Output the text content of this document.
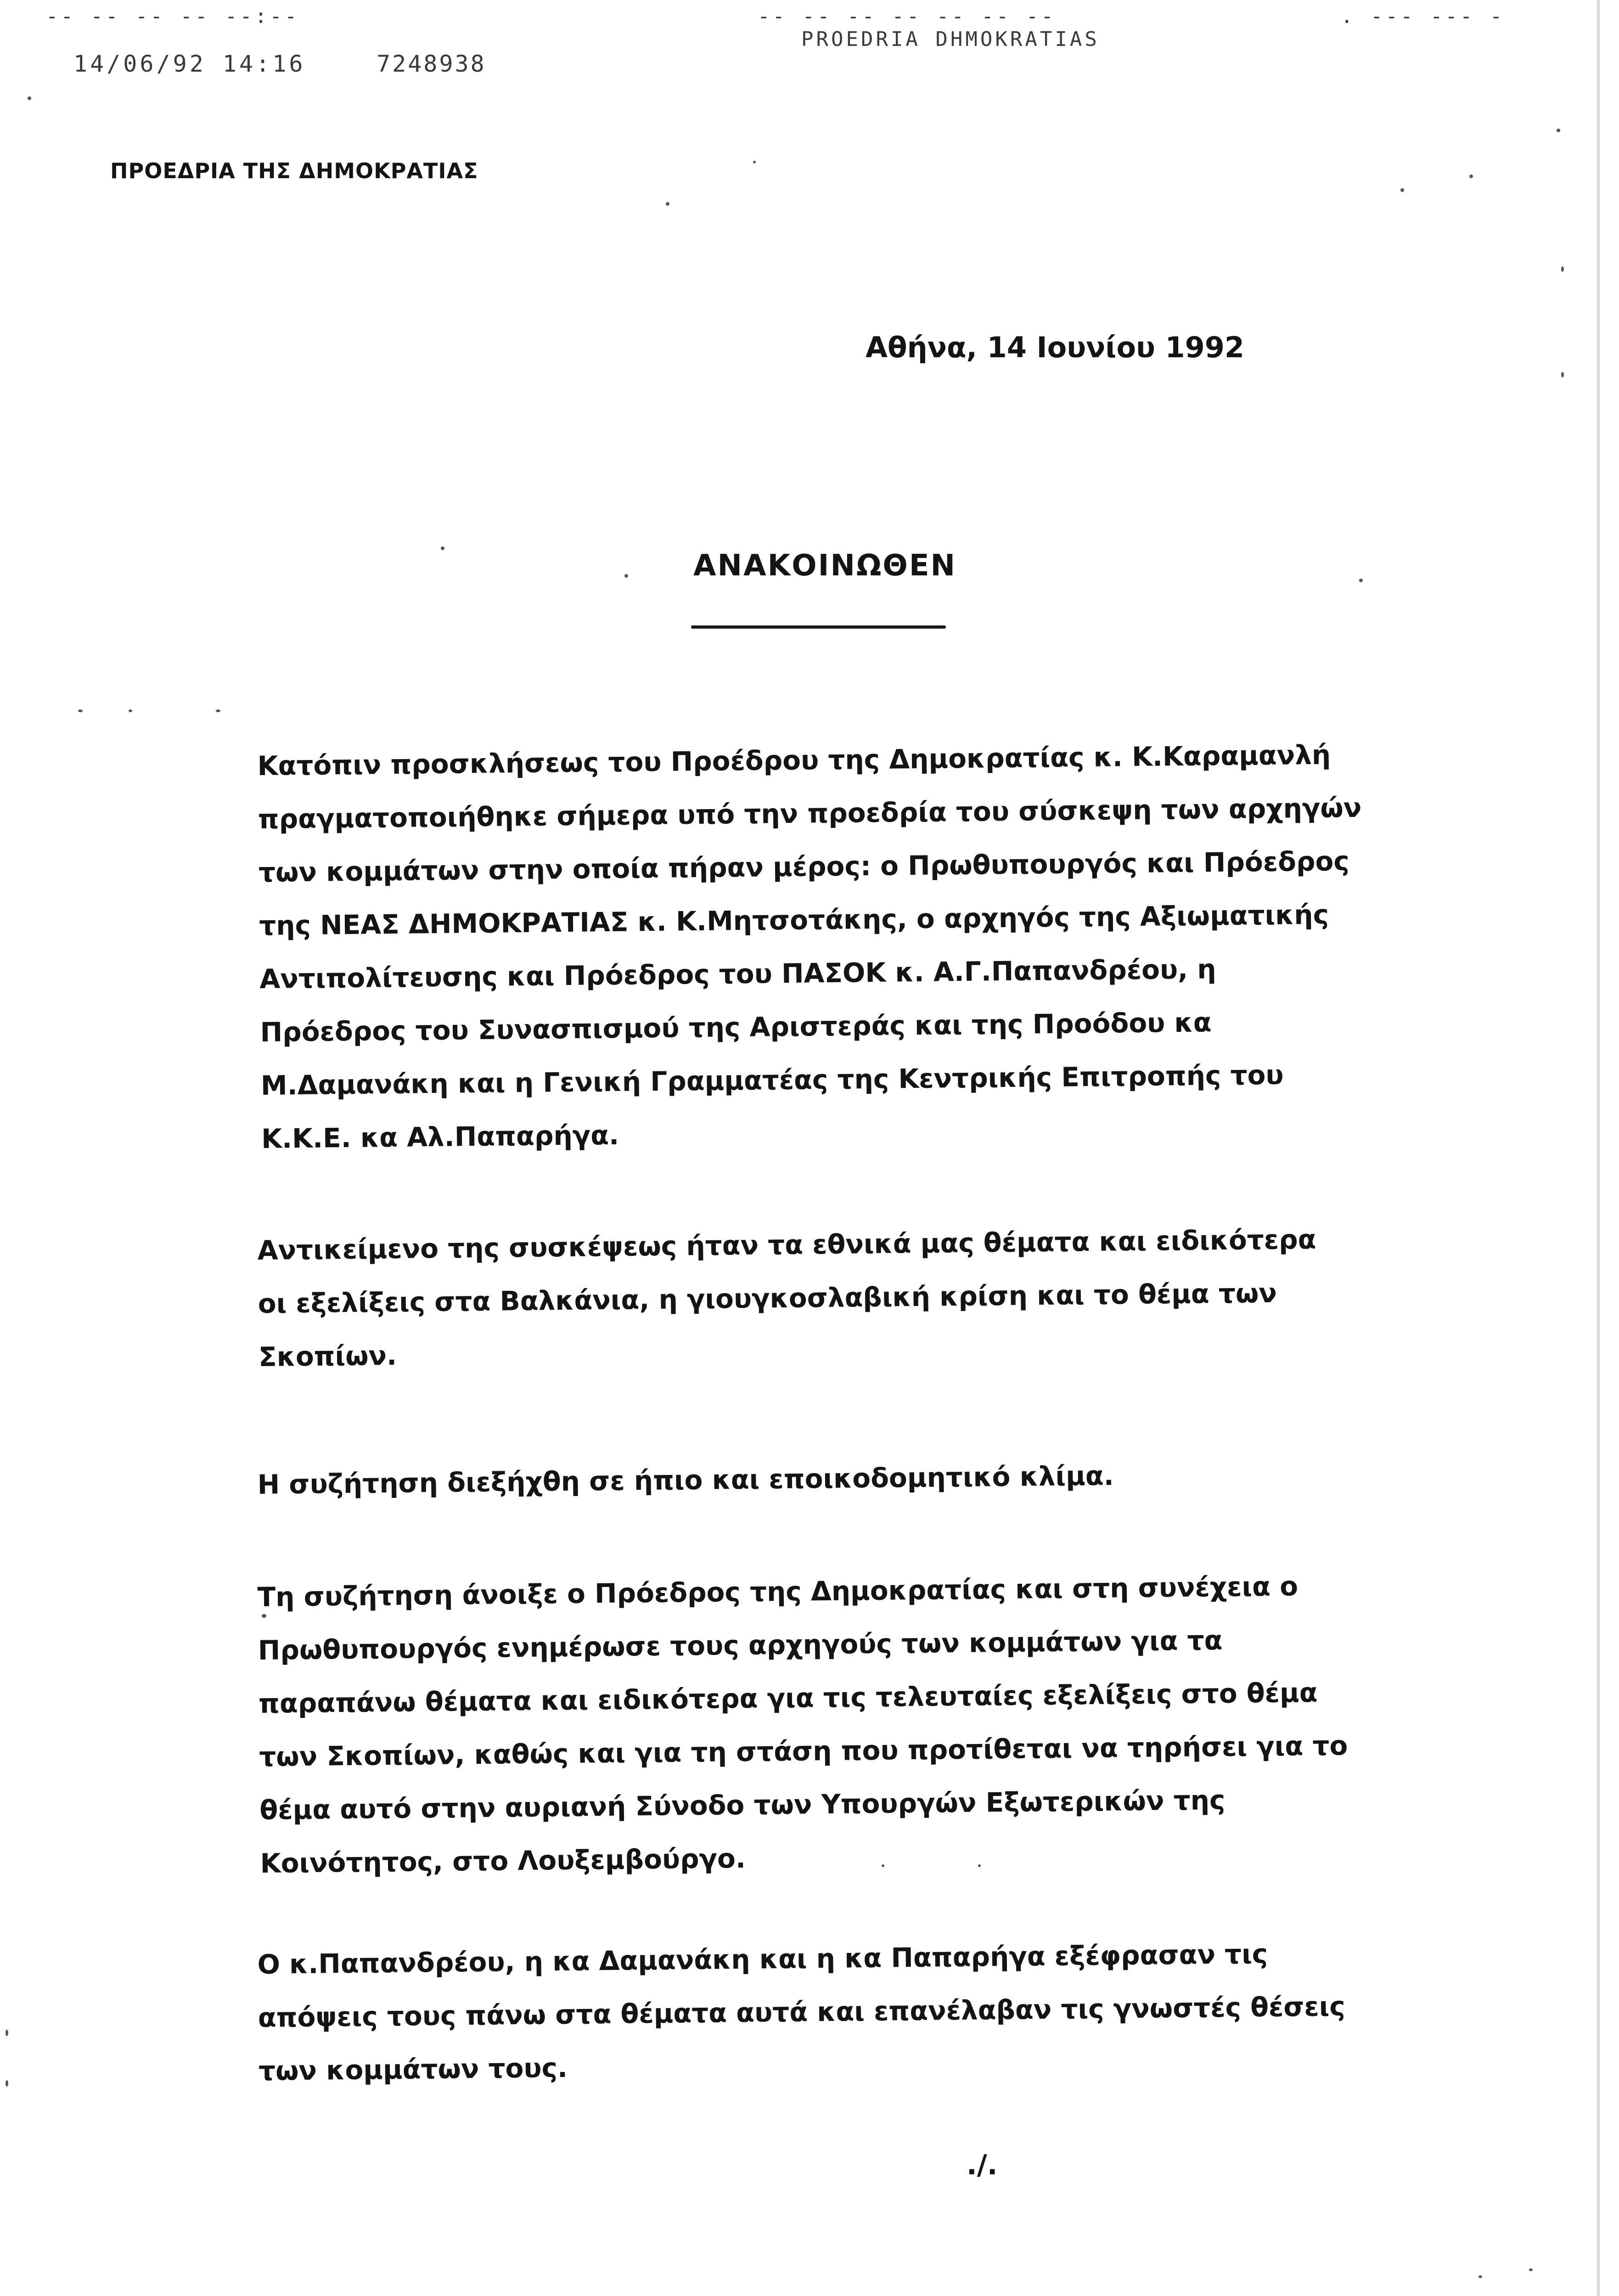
-- -- -- -- --:--	-- -- -- -- -- -- --	. --- --- -
14/06/92 14:16	7248938
PROEDRIA DHMOKRATIAS
ΠΡΟΕΔΡΙΑ ΤΗΣ ΔΗΜΟΚΡΑΤΙΑΣ
Αθήνα, 14 Ιουνίου 1992
ΑΝΑΚΟΙΝΩΘΕΝ
Κατόπιν προσκλήσεως του Προέδρου της Δημοκρατίας κ. Κ.Καραμανλή
πραγματοποιήθηκε σήμερα υπό την προεδρία του σύσκεψη των αρχηγών
των κομμάτων στην οποία πήραν μέρος: ο Πρωθυπουργός και Πρόεδρος
της ΝΕΑΣ ΔΗΜΟΚΡΑΤΙΑΣ κ. Κ.Μητσοτάκης, ο αρχηγός της Αξιωματικής
Αντιπολίτευσης και Πρόεδρος του ΠΑΣΟΚ κ. Α.Γ.Παπανδρέου, η
Πρόεδρος του Συνασπισμού της Αριστεράς και της Προόδου κα
Μ.Δαμανάκη και η Γενική Γραμματέας της Κεντρικής Επιτροπής του
Κ.Κ.Ε. κα Αλ.Παπαρήγα.
Αντικείμενο της συσκέψεως ήταν τα εθνικά μας θέματα και ειδικότερα
οι εξελίξεις στα Βαλκάνια, η γιουγκοσλαβική κρίση και το θέμα των
Σκοπίων.
Η συζήτηση διεξήχθη σε ήπιο και εποικοδομητικό κλίμα.
Τη συζήτηση άνοιξε ο Πρόεδρος της Δημοκρατίας και στη συνέχεια ο
Πρωθυπουργός ενημέρωσε τους αρχηγούς των κομμάτων για τα
παραπάνω θέματα και ειδικότερα για τις τελευταίες εξελίξεις στο θέμα
των Σκοπίων, καθώς και για τη στάση που προτίθεται να τηρήσει για το
θέμα αυτό στην αυριανή Σύνοδο των Υπουργών Εξωτερικών της
Κοινότητος, στο Λουξεμβούργο.
Ο κ.Παπανδρέου, η κα Δαμανάκη και η κα Παπαρήγα εξέφρασαν τις
απόψεις τους πάνω στα θέματα αυτά και επανέλαβαν τις γνωστές θέσεις
των κομμάτων τους.
./.
